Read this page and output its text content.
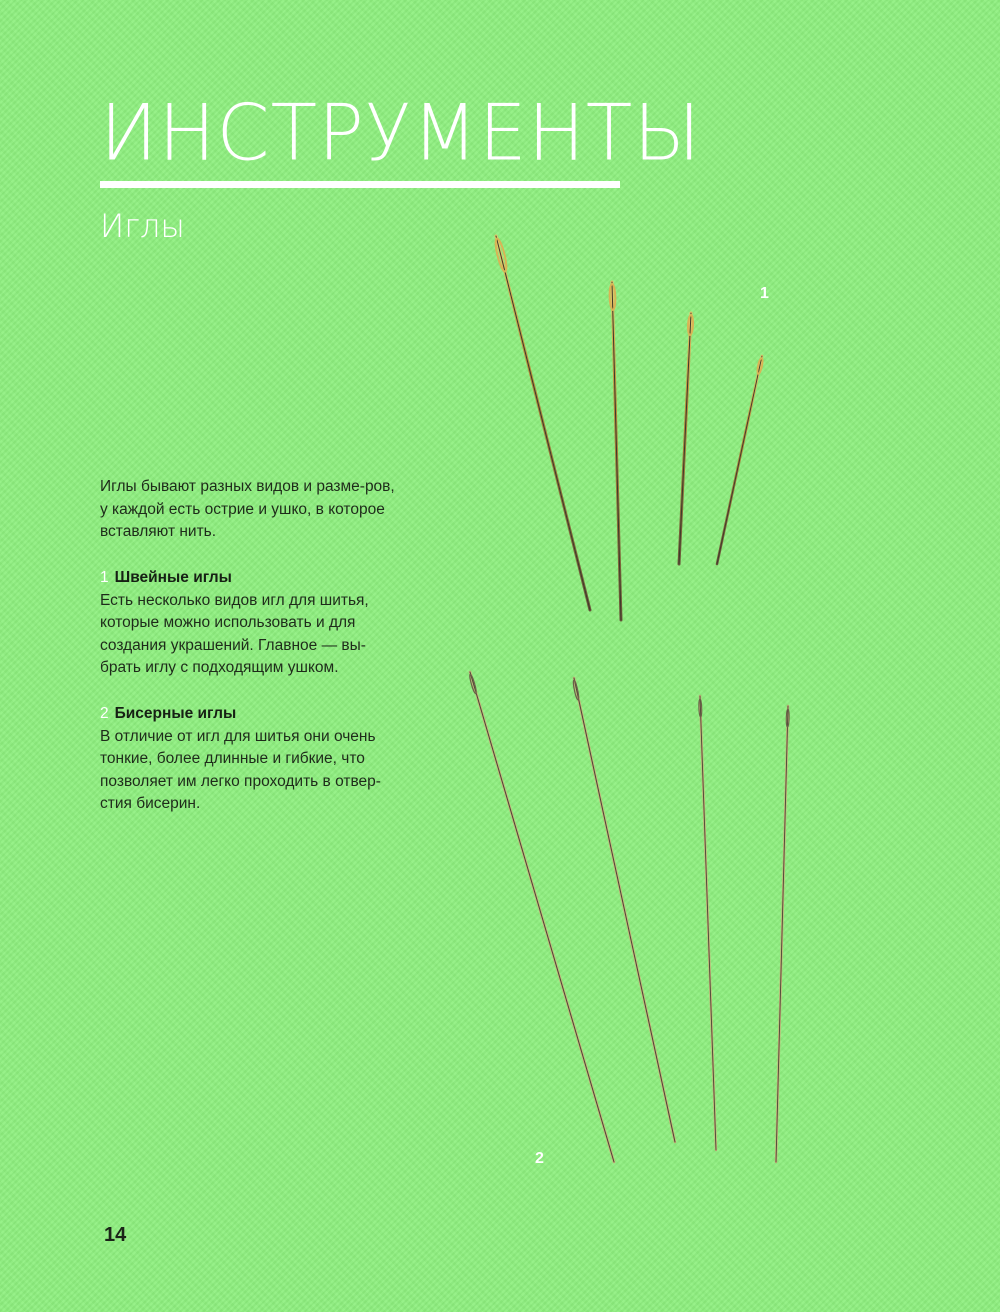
ИНСТРУМЕНТЫ
Иглы

Иглы бывают разных видов и разме-ров, у каждой есть острие и ушко, в которое вставляют нить.

1 Швейные иглы
Есть несколько видов игл для шитья, которые можно использовать и для создания украшений. Главное — вы-брать иглу с подходящим ушком.
2 Бисерные иглы
В отличие от игл для шитья они очень тонкие, более длинные и гибкие, что позволяет им легко проходить в отвер-стия бисерин.
1
2
14
